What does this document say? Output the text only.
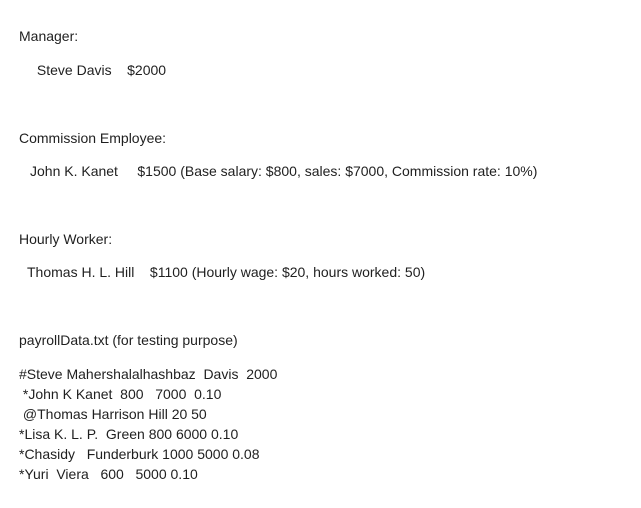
Manager:

Steve Davis    $2000

Commission Employee:

John K. Kanet     $1500 (Base salary: $800, sales: $7000, Commission rate: 10%)

Hourly Worker:

Thomas H. L. Hill    $1100 (Hourly wage: $20, hours worked: 50)

payrollData.txt (for testing purpose)

#Steve Mahershalalhashbaz  Davis  2000

*John K Kanet  800   7000  0.10

@Thomas Harrison Hill 20 50

*Lisa K. L. P.  Green 800 6000 0.10

*Chasidy   Funderburk 1000 5000 0.08

*Yuri  Viera   600   5000 0.10
